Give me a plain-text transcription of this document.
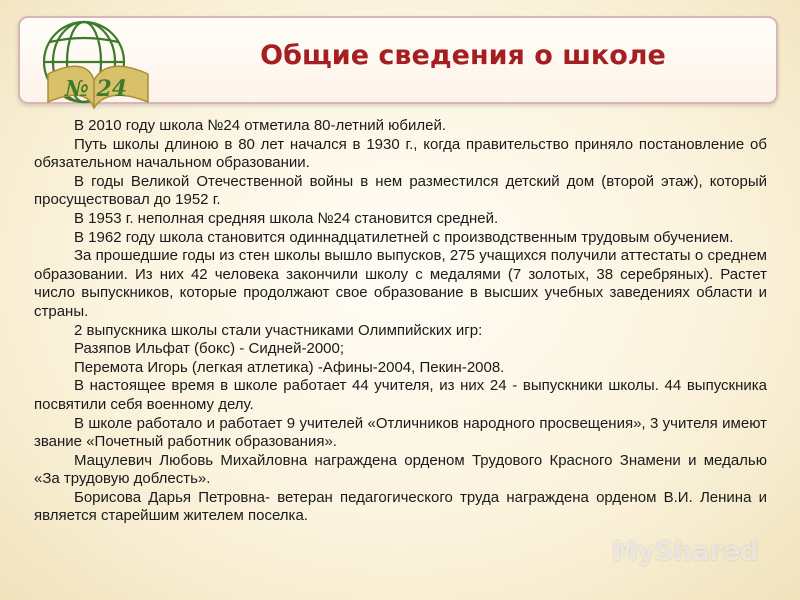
№ 24
Общие сведения о школе

В 2010 году школа №24 отметила 80-летний юбилей.

Путь школы длиною в 80 лет начался в 1930 г., когда правительство приняло постановление об обязательном начальном образовании.

В годы Великой Отечественной войны в нем разместился детский дом (второй этаж), который просуществовал до 1952 г.

В 1953 г. неполная средняя школа №24 становится средней.

В 1962 году школа становится одиннадцатилетней с производственным трудовым обучением.

За прошедшие годы из стен школы вышло выпусков, 275 учащихся получили аттестаты о среднем образовании. Из них 42 человека закончили школу с медалями (7 золотых, 38 серебряных). Растет число выпускников, которые продолжают свое образование в высших учебных заведениях области и страны.

2 выпускника школы стали участниками Олимпийских игр:

Разяпов Ильфат (бокс) - Сидней-2000;

Перемота Игорь (легкая атлетика) -Афины-2004, Пекин-2008.

В настоящее время в школе работает 44 учителя, из них 24 - выпускники школы. 44 выпускника посвятили себя военному делу.

В школе работало и работает 9 учителей «Отличников народного просвещения», 3 учителя имеют звание «Почетный работник образования».

Мацулевич Любовь Михайловна награждена орденом Трудового Красного Знамени и медалью «За трудовую доблесть».

Борисова Дарья Петровна- ветеран педагогического труда награждена орденом В.И. Ленина и является старейшим жителем поселка.

MyShared
